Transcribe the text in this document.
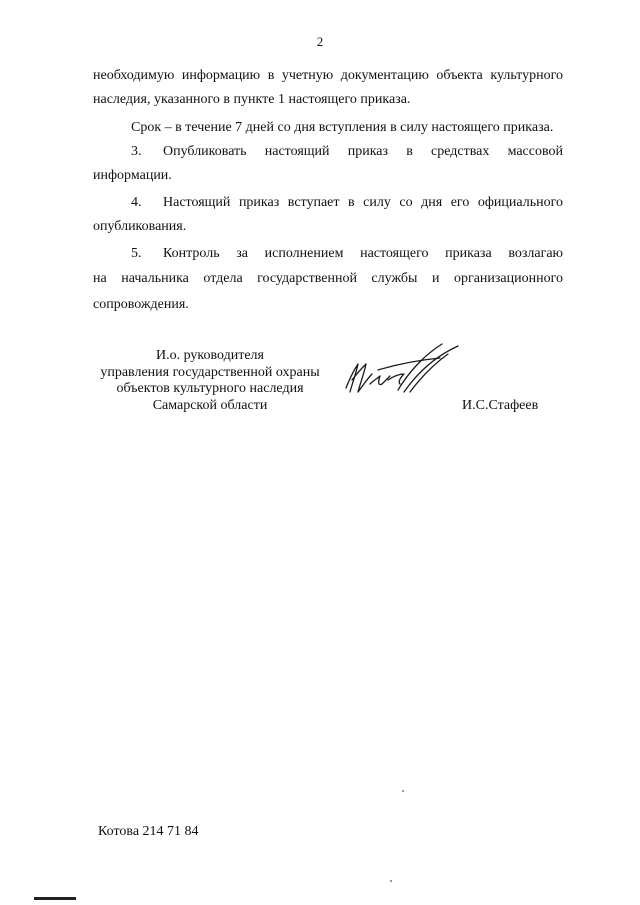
2
необходимую информацию в учетную документацию объекта культурного
наследия, указанного в пункте 1 настоящего приказа.
Срок – в течение 7 дней со дня вступления в силу настоящего приказа.
3. Опубликовать настоящий приказ в средствах массовой
информации.
4. Настоящий приказ вступает в силу со дня его официального
опубликования.
5. Контроль за исполнением настоящего приказа возлагаю
на начальника отдела государственной службы и организационного
сопровождения.
И.о. руководителя
управления государственной охраны
объектов культурного наследия
Самарской области	И.С.Стафеев
Котова 214 71 84
